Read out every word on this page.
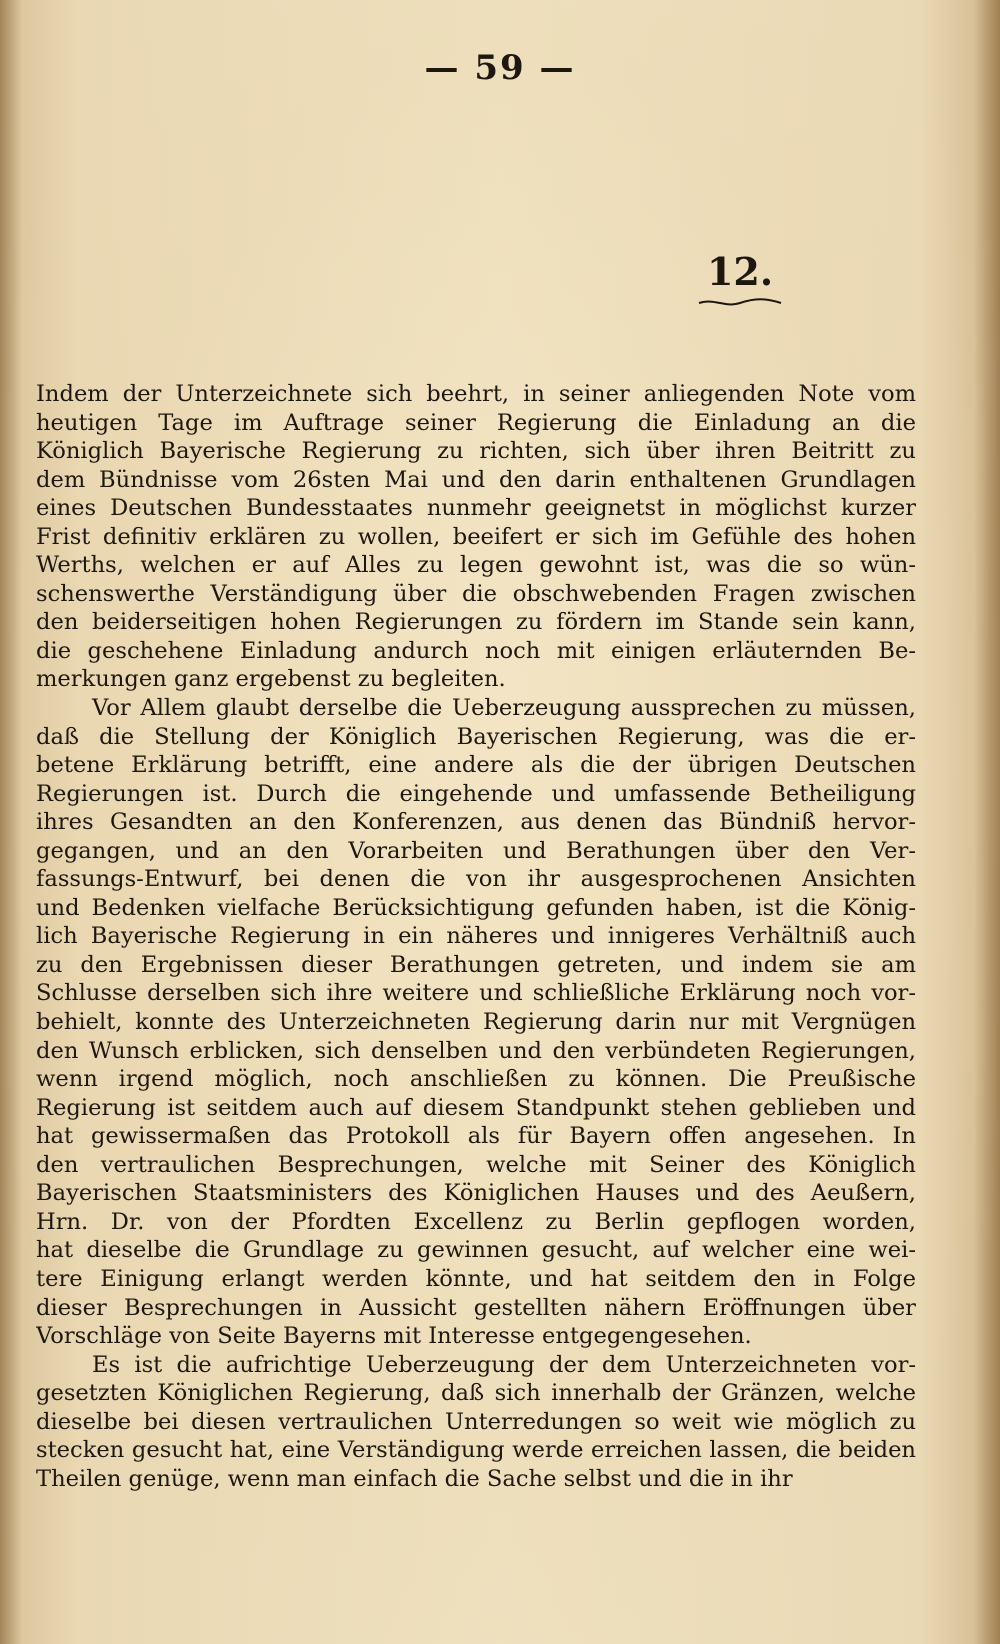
— 59 —
12.
Indem der Unterzeichnete sich beehrt, in seiner anliegenden Note vom
heutigen Tage im Auftrage seiner Regierung die Einladung an die
Königlich Bayerische Regierung zu richten, sich über ihren Beitritt zu
dem Bündnisse vom 26sten Mai und den darin enthaltenen Grundlagen
eines Deutschen Bundesstaates nunmehr geeignetst in möglichst kurzer
Frist definitiv erklären zu wollen, beeifert er sich im Gefühle des hohen
Werths, welchen er auf Alles zu legen gewohnt ist, was die so wün-
schenswerthe Verständigung über die obschwebenden Fragen zwischen
den beiderseitigen hohen Regierungen zu fördern im Stande sein kann,
die geschehene Einladung andurch noch mit einigen erläuternden Be-
merkungen ganz ergebenst zu begleiten.
Vor Allem glaubt derselbe die Ueberzeugung aussprechen zu müssen,
daß die Stellung der Königlich Bayerischen Regierung, was die er-
betene Erklärung betrifft, eine andere als die der übrigen Deutschen
Regierungen ist. Durch die eingehende und umfassende Betheiligung
ihres Gesandten an den Konferenzen, aus denen das Bündniß hervor-
gegangen, und an den Vorarbeiten und Berathungen über den Ver-
fassungs-Entwurf, bei denen die von ihr ausgesprochenen Ansichten
und Bedenken vielfache Berücksichtigung gefunden haben, ist die König-
lich Bayerische Regierung in ein näheres und innigeres Verhältniß auch
zu den Ergebnissen dieser Berathungen getreten, und indem sie am
Schlusse derselben sich ihre weitere und schließliche Erklärung noch vor-
behielt, konnte des Unterzeichneten Regierung darin nur mit Vergnügen
den Wunsch erblicken, sich denselben und den verbündeten Regierungen,
wenn irgend möglich, noch anschließen zu können. Die Preußische
Regierung ist seitdem auch auf diesem Standpunkt stehen geblieben und
hat gewissermaßen das Protokoll als für Bayern offen angesehen. In
den vertraulichen Besprechungen, welche mit Seiner des Königlich
Bayerischen Staatsministers des Königlichen Hauses und des Aeußern,
Hrn. Dr. von der Pfordten Excellenz zu Berlin gepflogen worden,
hat dieselbe die Grundlage zu gewinnen gesucht, auf welcher eine wei-
tere Einigung erlangt werden könnte, und hat seitdem den in Folge
dieser Besprechungen in Aussicht gestellten nähern Eröffnungen über
Vorschläge von Seite Bayerns mit Interesse entgegengesehen.
Es ist die aufrichtige Ueberzeugung der dem Unterzeichneten vor-
gesetzten Königlichen Regierung, daß sich innerhalb der Gränzen, welche
dieselbe bei diesen vertraulichen Unterredungen so weit wie möglich zu
stecken gesucht hat, eine Verständigung werde erreichen lassen, die beiden
Theilen genüge, wenn man einfach die Sache selbst und die in ihr
